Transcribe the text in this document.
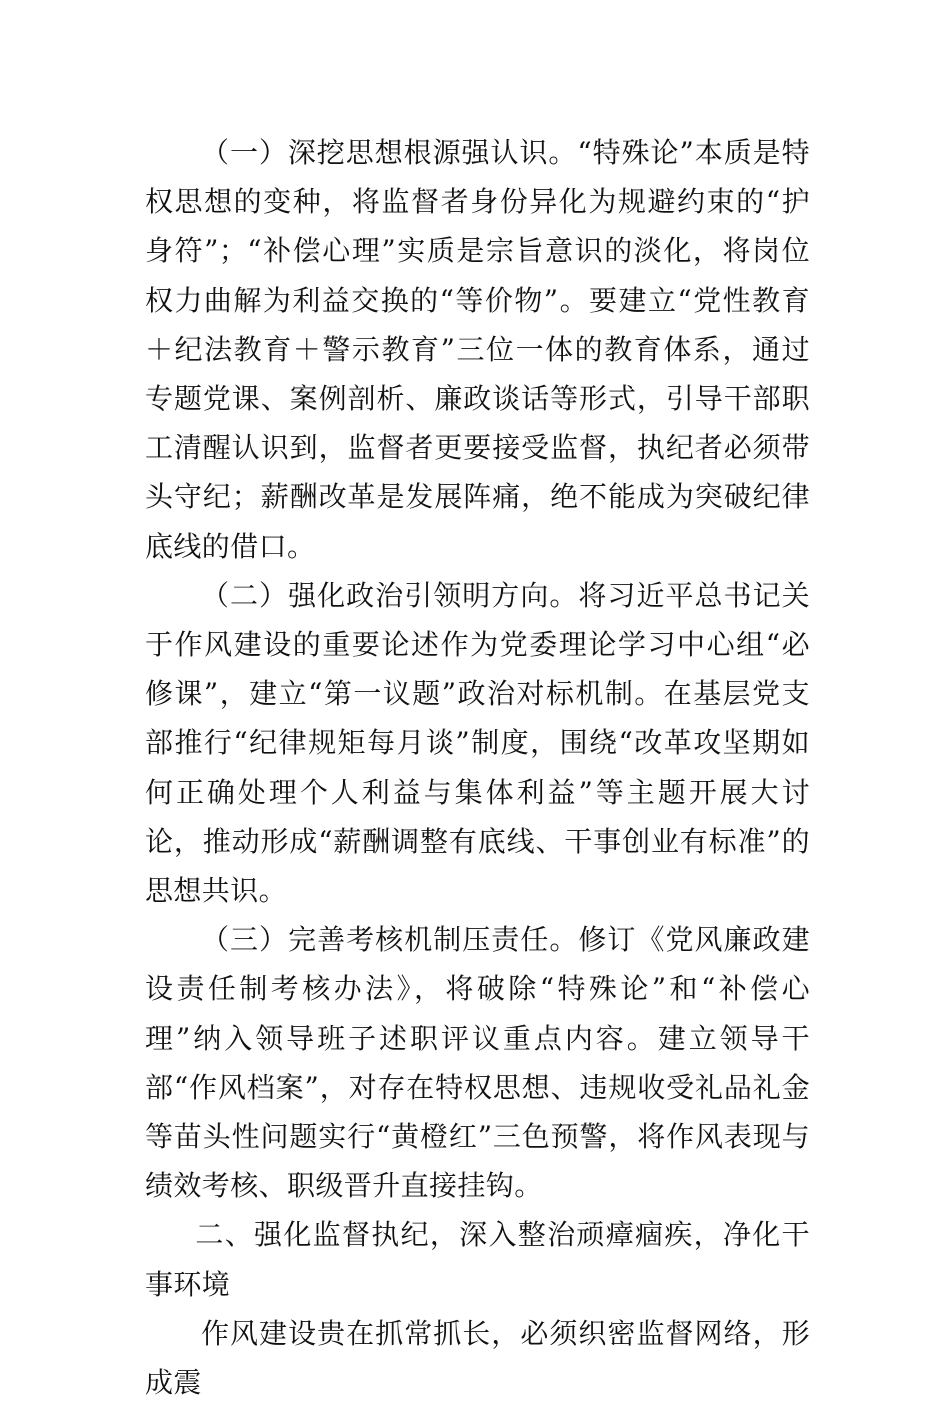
（一）深挖思想根源强认识。“特殊论”本质是特权思想的变种，将监督者身份异化为规避约束的“护身符”；“补偿心理”实质是宗旨意识的淡化，将岗位权力曲解为利益交换的“等价物”。要建立“党性教育＋纪法教育＋警示教育”三位一体的教育体系，通过专题党课、案例剖析、廉政谈话等形式，引导干部职工清醒认识到，监督者更要接受监督，执纪者必须带头守纪；薪酬改革是发展阵痛，绝不能成为突破纪律底线的借口。

（二）强化政治引领明方向。将习近平总书记关于作风建设的重要论述作为党委理论学习中心组“必修课”，建立“第一议题”政治对标机制。在基层党支部推行“纪律规矩每月谈”制度，围绕“改革攻坚期如何正确处理个人利益与集体利益”等主题开展大讨论，推动形成“薪酬调整有底线、干事创业有标准”的思想共识。

（三）完善考核机制压责任。修订《党风廉政建设责任制考核办法》，将破除“特殊论”和“补偿心理”纳入领导班子述职评议重点内容。建立领导干部“作风档案”，对存在特权思想、违规收受礼品礼金等苗头性问题实行“黄橙红”三色预警，将作风表现与绩效考核、职级晋升直接挂钩。

二、强化监督执纪，深入整治顽瘴痼疾，净化干事环境

作风建设贵在抓常抓长，必须织密监督网络，形成震
